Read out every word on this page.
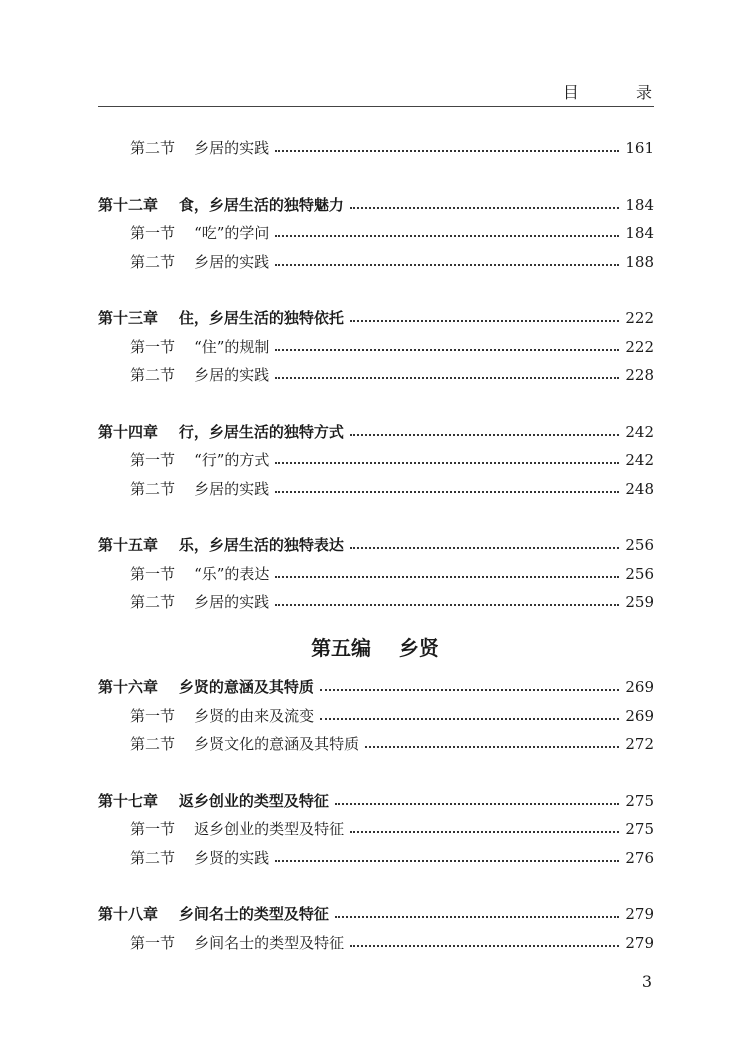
目 录
第二节    乡居的实践	161
第十二章    食，乡居生活的独特魅力	184
第一节    “吃”的学问	184
第二节    乡居的实践	188
第十三章    住，乡居生活的独特依托	222
第一节    “住”的规制	222
第二节    乡居的实践	228
第十四章    行，乡居生活的独特方式	242
第一节    “行”的方式	242
第二节    乡居的实践	248
第十五章    乐，乡居生活的独特表达	256
第一节    “乐”的表达	256
第二节    乡居的实践	259
第十六章    乡贤的意涵及其特质	269
第一节    乡贤的由来及流变	269
第二节    乡贤文化的意涵及其特质	272
第十七章    返乡创业的类型及特征	275
第一节    返乡创业的类型及特征	275
第二节    乡贤的实践	276
第十八章    乡间名士的类型及特征	279
第一节    乡间名士的类型及特征	279
第五编    乡贤
3
